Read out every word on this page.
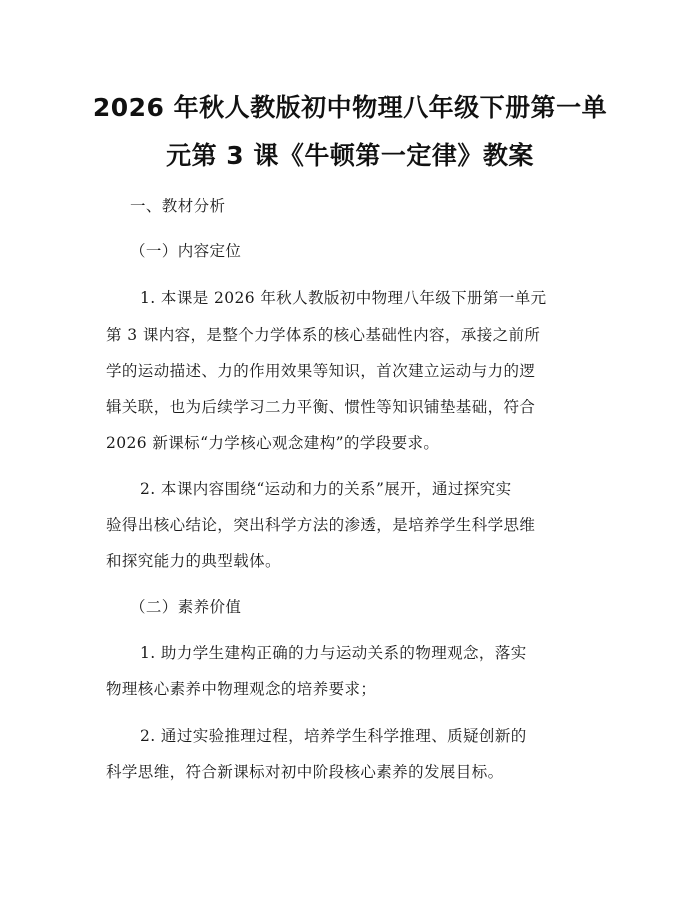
2026 年秋人教版初中物理八年级下册第一单
元第 3 课《牛顿第一定律》教案

一、教材分析

（一）内容定位

1. 本课是 2026 年秋人教版初中物理八年级下册第一单元

第 3 课内容，是整个力学体系的核心基础性内容，承接之前所

学的运动描述、力的作用效果等知识，首次建立运动与力的逻

辑关联，也为后续学习二力平衡、惯性等知识铺垫基础，符合

2026 新课标“力学核心观念建构”的学段要求。

2. 本课内容围绕“运动和力的关系”展开，通过探究实

验得出核心结论，突出科学方法的渗透，是培养学生科学思维

和探究能力的典型载体。

（二）素养价值

1. 助力学生建构正确的力与运动关系的物理观念，落实

物理核心素养中物理观念的培养要求；

2. 通过实验推理过程，培养学生科学推理、质疑创新的

科学思维，符合新课标对初中阶段核心素养的发展目标。
